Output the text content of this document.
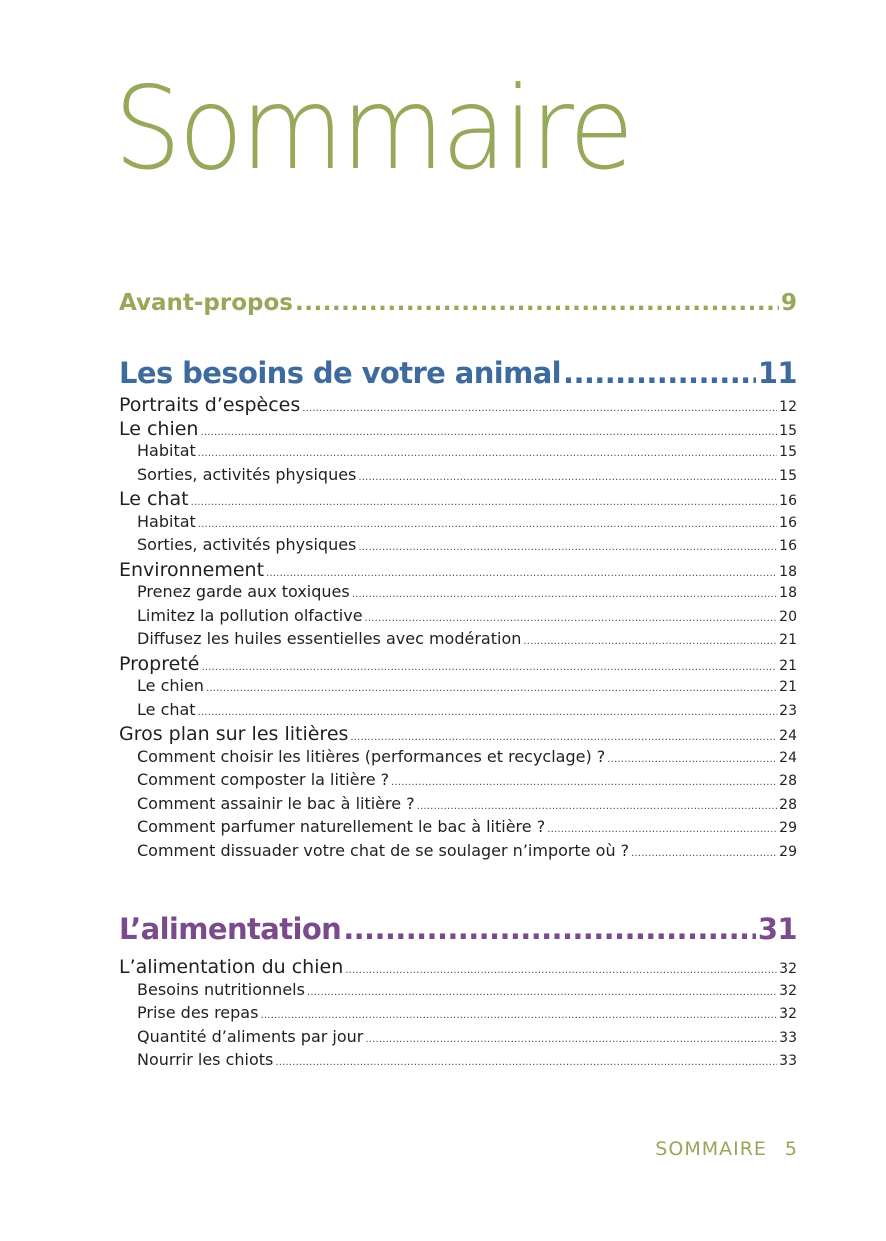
Sommaire
Avant-propos .....	9
Les besoins de votre animal .....	11
Portraits d’espèces .....	12
Le chien .....	15
Habitat .....	15
Sorties, activités physiques .....	15
Le chat .....	16
Habitat .....	16
Sorties, activités physiques .....	16
Environnement .....	18
Prenez garde aux toxiques .....	18
Limitez la pollution olfactive .....	20
Diffusez les huiles essentielles avec modération .....	21
Propreté .....	21
Le chien .....	21
Le chat .....	23
Gros plan sur les litières .....	24
Comment choisir les litières (performances et recyclage) ? .....	24
Comment composter la litière ? .....	28
Comment assainir le bac à litière ? .....	28
Comment parfumer naturellement le bac à litière ? .....	29
Comment dissuader votre chat de se soulager n’importe où ? .....	29
L’alimentation .....	31
L’alimentation du chien .....	32
Besoins nutritionnels .....	32
Prise des repas .....	32
Quantité d’aliments par jour .....	33
Nourrir les chiots .....	33
SOMMAIRE 5
